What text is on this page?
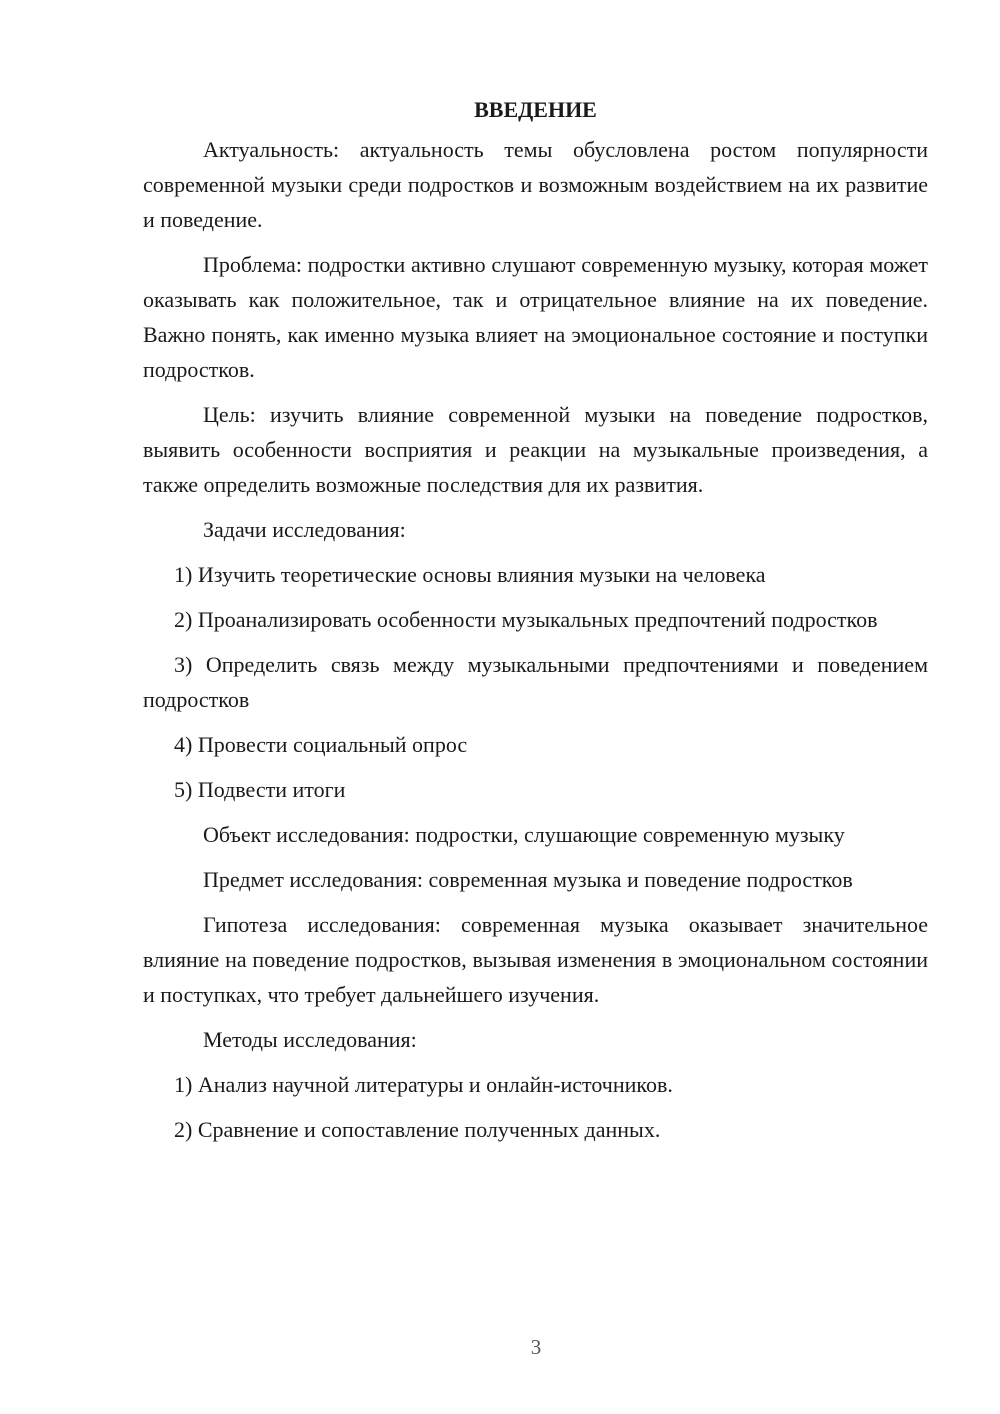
ВВЕДЕНИЕ

Актуальность: актуальность темы обусловлена ростом популярности современной музыки среди подростков и возможным воздействием на их развитие и поведение.

Проблема: подростки активно слушают современную музыку, которая может оказывать как положительное, так и отрицательное влияние на их поведение. Важно понять, как именно музыка влияет на эмоциональное состояние и поступки подростков.

Цель: изучить влияние современной музыки на поведение подростков, выявить особенности восприятия и реакции на музыкальные произведения, а также определить возможные последствия для их развития.

Задачи исследования:

1) Изучить теоретические основы влияния музыки на человека

2) Проанализировать особенности музыкальных предпочтений подростков

3) Определить связь между музыкальными предпочтениями и поведением подростков

4) Провести социальный опрос

5) Подвести итоги

Объект исследования: подростки, слушающие современную музыку

Предмет исследования: современная музыка и поведение подростков

Гипотеза исследования: современная музыка оказывает значительное влияние на поведение подростков, вызывая изменения в эмоциональном состоянии и поступках, что требует дальнейшего изучения.

Методы исследования:

1) Анализ научной литературы и онлайн-источников.

2) Сравнение и сопоставление полученных данных.

3
